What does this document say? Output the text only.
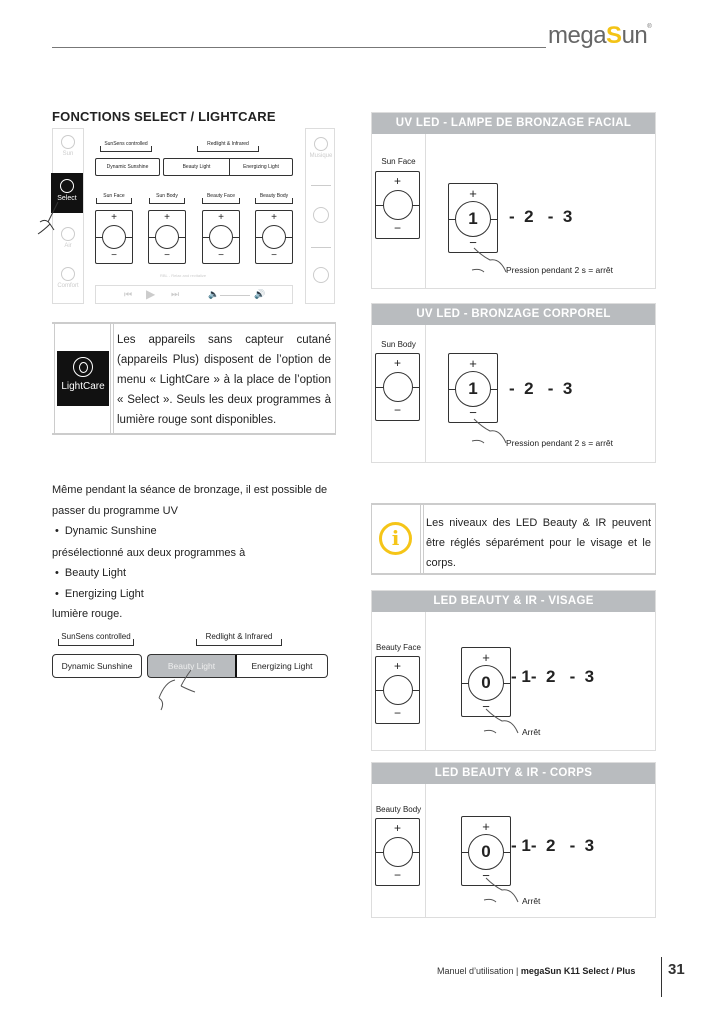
megaSun®
FONCTIONS SELECT / LIGHTCARE
Sun
Air
Comfort
Select
Musique
SunSens controlled	Redlight & Infrared
Dynamic Sunshine	Beauty Light	Energizing Light
Sun Face	Sun Body	Beauty Face	Beauty Body
+
−
+
−
+
−
+
−
RBL - Relax and revitalize
⏮ ▶ ⏭	🔈	🔊
LightCare
Les appareils sans capteur cutané (appareils Plus) disposent de l’option de menu « LightCare » à la place de l’option « Select ». Seuls les deux programmes à lumière rouge sont disponibles.

Même pendant la séance de bronzage, il est possible de passer du programme UV

• Dynamic Sunshine

présélectionné aux deux programmes à

• Beauty Light

• Energizing Light

lumière rouge.

SunSens controlled	Redlight & Infrared
Dynamic Sunshine	Beauty Light	Energizing Light
UV LED - LAMPE DE BRONZAGE FACIAL
Sun Face
+
−
+
1
−
-  2   -  3
Pression pendant 2 s = arrêt
UV LED - BRONZAGE CORPOREL
Sun Body
+
−
+
1
−
-  2   -  3
Pression pendant 2 s = arrêt
i
Les niveaux des LED Beauty & IR peuvent être réglés séparément pour le visage et le corps.
LED BEAUTY & IR - VISAGE
Beauty Face
+
−
+
0
−
- 1-  2   -  3
Arrêt
LED BEAUTY & IR - CORPS
Beauty Body
+
−
+
0
−
- 1-  2   -  3
Arrêt
Manuel d’utilisation | megaSun K11 Select / Plus 31
